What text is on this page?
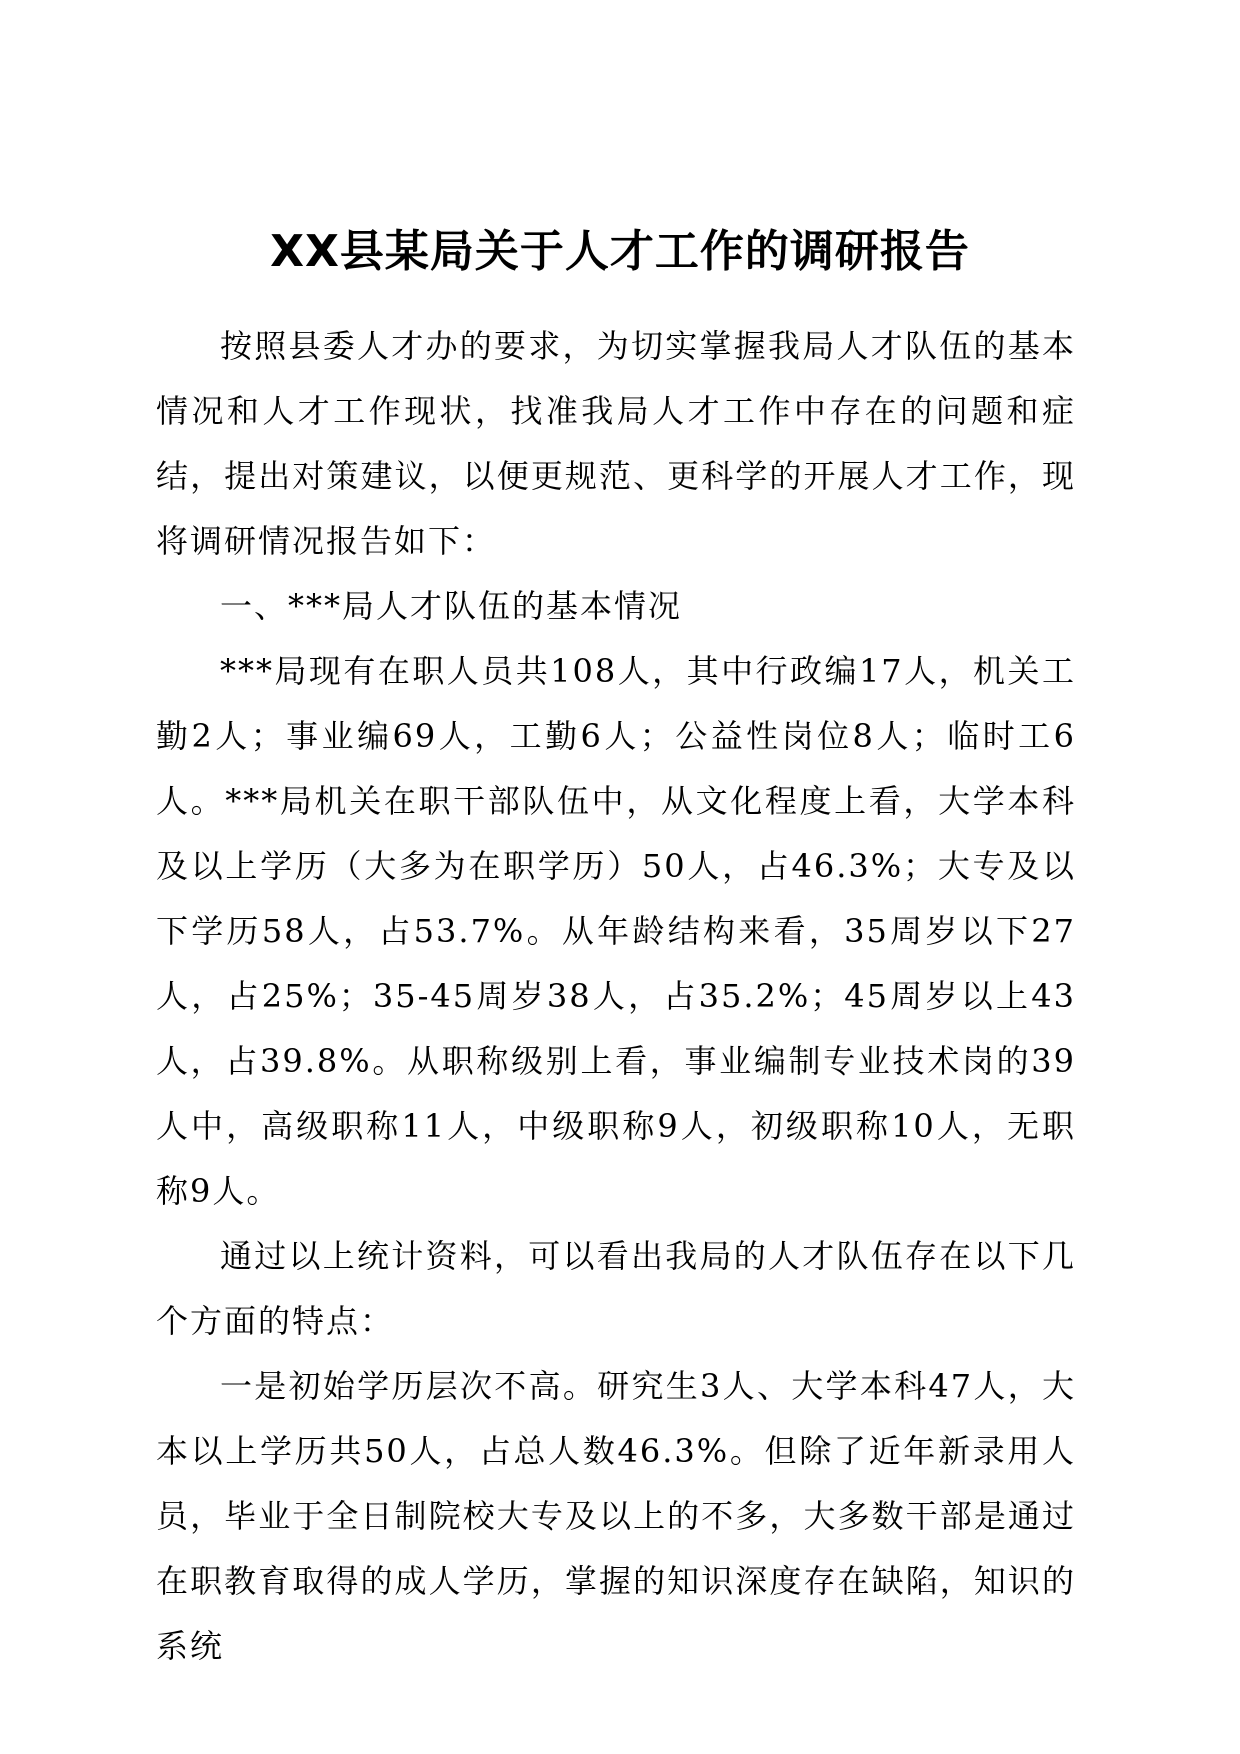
XX县某局关于人才工作的调研报告

按照县委人才办的要求，为切实掌握我局人才队伍的基本情况和人才工作现状，找准我局人才工作中存在的问题和症结，提出对策建议，以便更规范、更科学的开展人才工作，现将调研情况报告如下：

一、***局人才队伍的基本情况

***局现有在职人员共108人，其中行政编17人，机关工勤2人；事业编69人，工勤6人；公益性岗位8人；临时工6人。***局机关在职干部队伍中，从文化程度上看，大学本科及以上学历（大多为在职学历）50人，占46.3%；大专及以下学历58人，占53.7%。从年龄结构来看，35周岁以下27人，占25%；35-45周岁38人，占35.2%；45周岁以上43人，占39.8%。从职称级别上看，事业编制专业技术岗的39人中，高级职称11人，中级职称9人，初级职称10人，无职称9人。

通过以上统计资料，可以看出我局的人才队伍存在以下几个方面的特点：

一是初始学历层次不高。研究生3人、大学本科47人，大本以上学历共50人，占总人数46.3%。但除了近年新录用人员，毕业于全日制院校大专及以上的不多，大多数干部是通过在职教育取得的成人学历，掌握的知识深度存在缺陷，知识的系统
